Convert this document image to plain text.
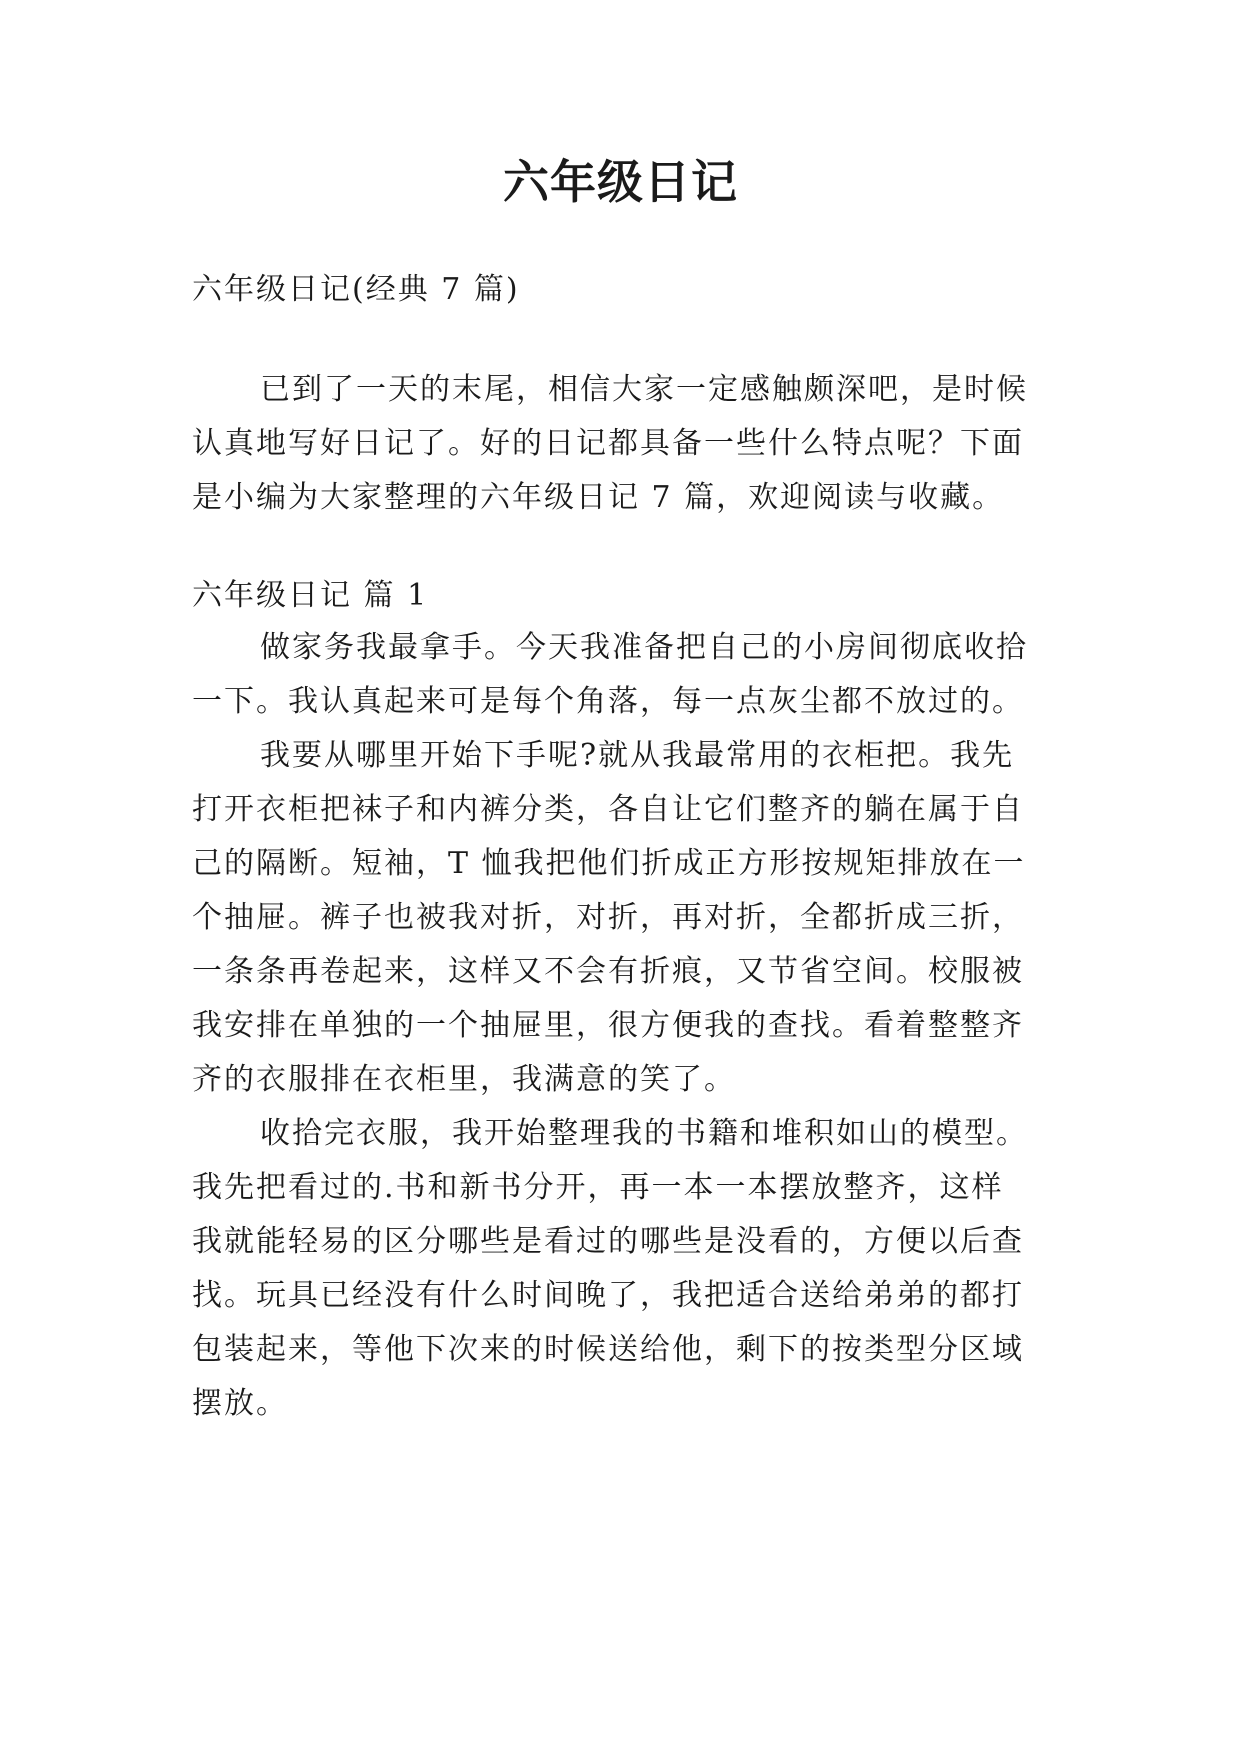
六年级日记

六年级日记(经典 7 篇)

已到了一天的末尾，相信大家一定感触颇深吧，是时候

认真地写好日记了。好的日记都具备一些什么特点呢？下面

是小编为大家整理的六年级日记 7 篇，欢迎阅读与收藏。

六年级日记 篇 1

做家务我最拿手。今天我准备把自己的小房间彻底收拾

一下。我认真起来可是每个角落，每一点灰尘都不放过的。

我要从哪里开始下手呢?就从我最常用的衣柜把。我先

打开衣柜把袜子和内裤分类，各自让它们整齐的躺在属于自

己的隔断。短袖，T 恤我把他们折成正方形按规矩排放在一

个抽屉。裤子也被我对折，对折，再对折，全都折成三折，

一条条再卷起来，这样又不会有折痕，又节省空间。校服被

我安排在单独的一个抽屉里，很方便我的查找。看着整整齐

齐的衣服排在衣柜里，我满意的笑了。

收拾完衣服，我开始整理我的书籍和堆积如山的模型。

我先把看过的.书和新书分开，再一本一本摆放整齐，这样

我就能轻易的区分哪些是看过的哪些是没看的，方便以后查

找。玩具已经没有什么时间晚了，我把适合送给弟弟的都打

包装起来，等他下次来的时候送给他，剩下的按类型分区域

摆放。
